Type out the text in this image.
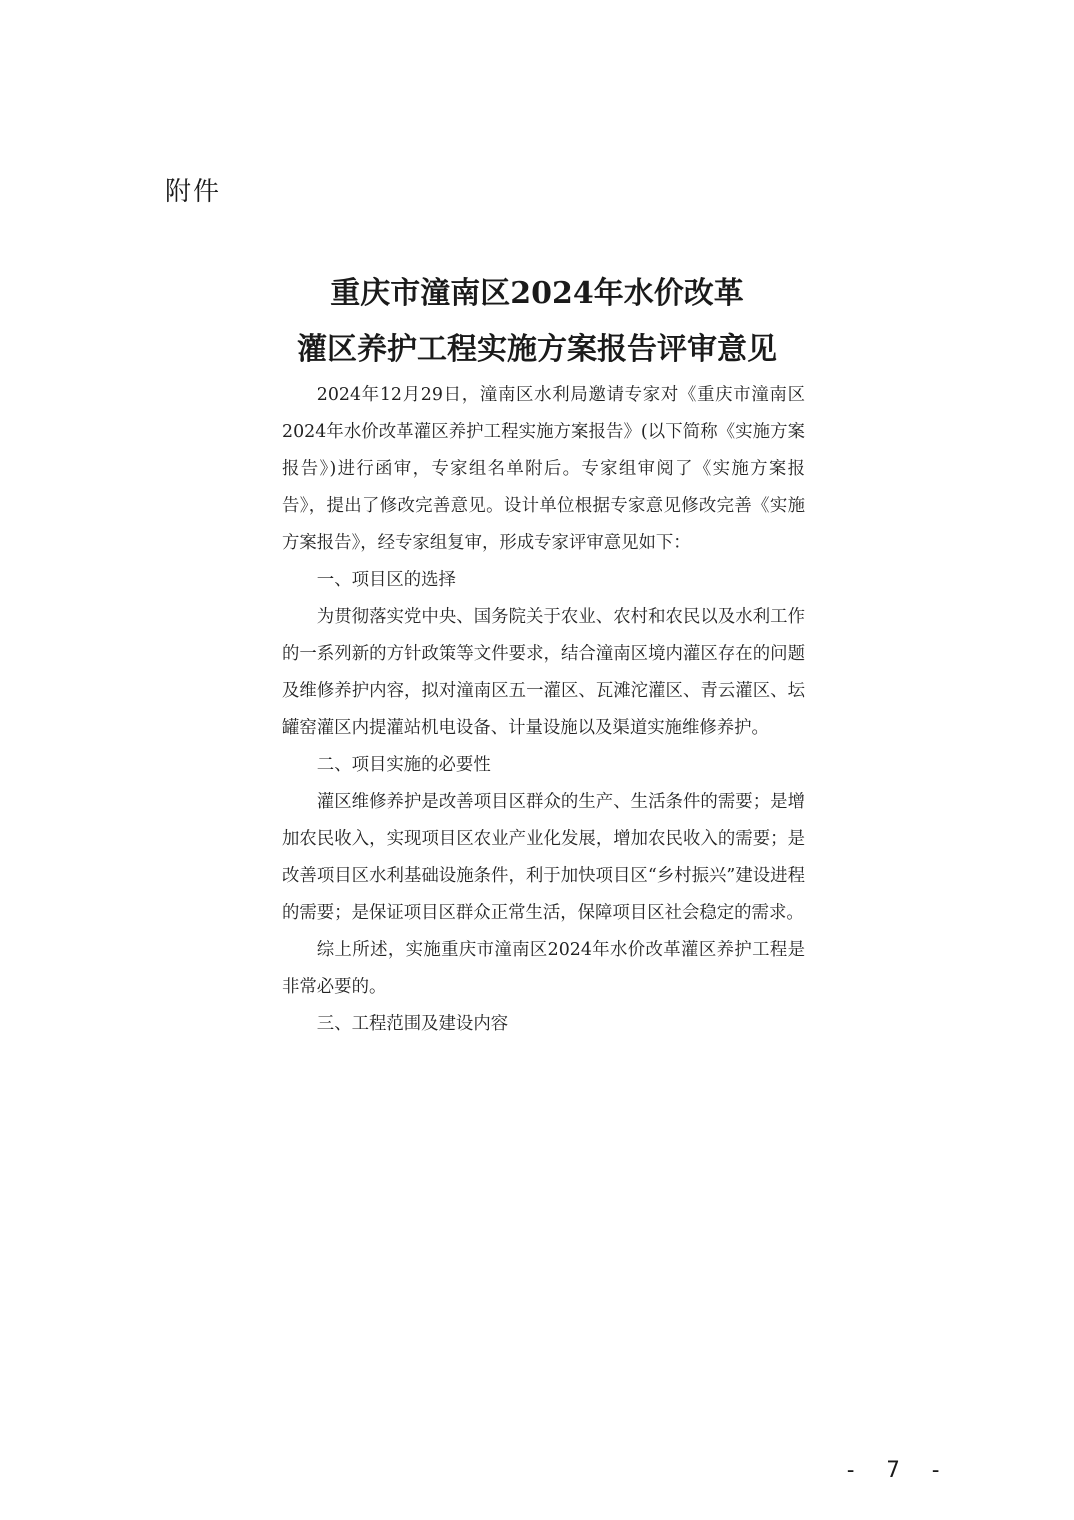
附件
重庆市潼南区2024年水价改革
灌区养护工程实施方案报告评审意见

2024年12月29日，潼南区水利局邀请专家对《重庆市潼南区2024年水价改革灌区养护工程实施方案报告》(以下简称《实施方案报告》)进行函审，专家组名单附后。专家组审阅了《实施方案报告》，提出了修改完善意见。设计单位根据专家意见修改完善《实施方案报告》，经专家组复审，形成专家评审意见如下：

一、项目区的选择

为贯彻落实党中央、国务院关于农业、农村和农民以及水利工作的一系列新的方针政策等文件要求，结合潼南区境内灌区存在的问题及维修养护内容，拟对潼南区五一灌区、瓦滩沱灌区、青云灌区、坛罐窑灌区内提灌站机电设备、计量设施以及渠道实施维修养护。

二、项目实施的必要性

灌区维修养护是改善项目区群众的生产、生活条件的需要；是增加农民收入，实现项目区农业产业化发展，增加农民收入的需要；是改善项目区水利基础设施条件，利于加快项目区“乡村振兴”建设进程的需要；是保证项目区群众正常生活，保障项目区社会稳定的需求。

综上所述，实施重庆市潼南区2024年水价改革灌区养护工程是非常必要的。

三、工程范围及建设内容

- 7 -
